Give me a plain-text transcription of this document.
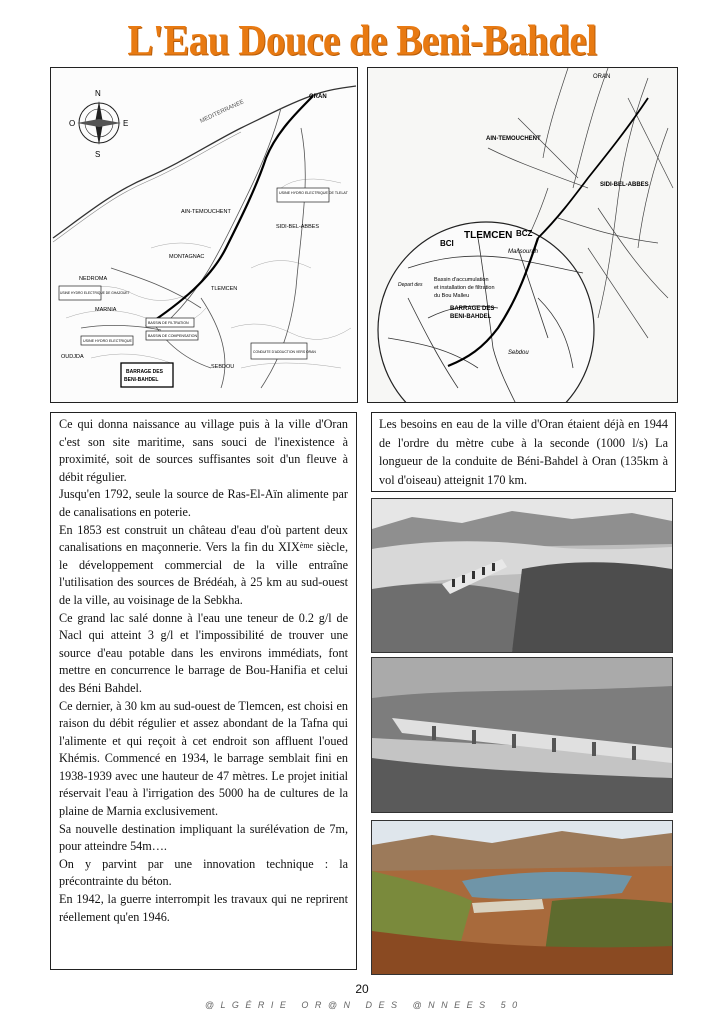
L'Eau Douce de Beni-Bahdel
N
S
E
O	MEDITERRANEE
ORAN
USINE HYDRO ELECTRIQUE DE TLELAT
AIN-TEMOUCHENT
SIDI-BEL-ABBES
NEDROMA
MONTAGNAC
USINE HYDRO ELECTRIQUE DE GHAZOUET
MARNIA
TLEMCEN
BASSIN DE FILTRATION
BASSIN DE COMPENSATION
USINE HYDRO ELECTRIQUE
OUDJDA
SEBDOU
CONDUITE D'ADDUCTION VERS ORAN
BARRAGE DES
BENI-BAHDEL
ORAN
AIN-TEMOUCHENT
SIDI-BEL-ABBES
BCZ
BCI
TLEMCEN
Mansourah
Bassin d'accumulation
et installation de filtration
du Bou Malleu
Depart des
BARRAGE DES
BENI-BAHDEL
Sebdou

Ce qui donna naissance au village puis à la ville d'Oran c'est son site maritime, sans souci de l'inexistence à proximité, soit de sources suffisantes soit d'un fleuve à débit régulier.

Jusqu'en 1792, seule la source de Ras-El-Aïn alimente par de canalisations en poterie.

En 1853 est construit un château d'eau d'où partent deux canalisations en maçonnerie. Vers la fin du XIXème siècle, le développement commercial de la ville entraîne l'utilisation des sources de Brédéah, à 25 km au sud-ouest de la ville, au voisinage de la Sebkha.

Ce grand lac salé donne à l'eau une teneur de 0.2 g/l de Nacl qui atteint 3 g/l et l'impossibilité de trouver une source d'eau potable dans les environs immédiats, font mettre en concurrence le barrage de Bou-Hanifia et celui des Béni Bahdel.

Ce dernier, à 30 km au sud-ouest de Tlemcen, est choisi en raison du débit régulier et assez abondant de la Tafna qui l'alimente et qui reçoit à cet endroit son affluent l'oued Khémis. Commencé en 1934, le barrage semblait fini en 1938-1939 avec une hauteur de 47 mètres. Le projet initial réservait l'eau à l'irrigation des 5000 ha de cultures de la plaine de Marnia exclusivement.

Sa nouvelle destination impliquant la surélévation de 7m, pour atteindre 54m….

On y parvint par une innovation technique : la précontrainte du béton.

En 1942, la guerre interrompit les travaux qui ne reprirent réellement qu'en 1946.

Les besoins en eau de la ville d'Oran étaient déjà en 1944 de l'ordre du mètre cube à la seconde (1000 l/s) La longueur de la conduite de Béni-Bahdel à Oran (135km à vol d'oiseau) atteignit 170 km.

20
@ L G É R I E   O R @ N   D E S   @ N N E E S   5 0
